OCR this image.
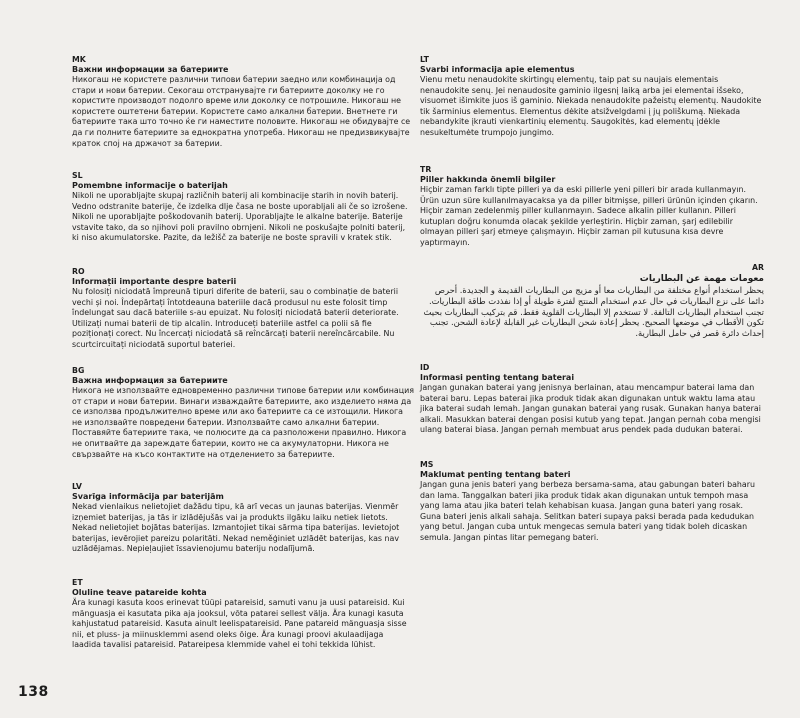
MK
Важни информации за батериите

Никогаш не користете различни типови батерии заедно или комбинација од стари и нови батерии. Секогаш отстранувајте ги батериите доколку не го користите производот подолго време или доколку се потрошиле. Никогаш не користете оштетени батерии. Користете само алкални батерии. Внетнете ги батериите така што точно ќе ги наместите половите. Никогаш не обидувајте се да ги полните батериите за еднократна употреба. Никогаш не предизвикувајте краток спој на држачот за батерии.

SL
Pomembne informacije o baterijah

Nikoli ne uporabljajte skupaj različnih baterij ali kombinacije starih in novih baterij. Vedno odstranite baterije, če izdelka dlje časa ne boste uporabljali ali če so izrošene. Nikoli ne uporabljajte poškodovanih baterij. Uporabljajte le alkalne baterije. Baterije vstavite tako, da so njihovi poli pravilno obrnjeni. Nikoli ne poskušajte polniti baterij, ki niso akumulatorske. Pazite, da ležišč za baterije ne boste spravili v kratek stik.

RO
Informații importante despre baterii

Nu folosiți niciodată împreună tipuri diferite de baterii, sau o combinație de baterii vechi și noi. Îndepărtați întotdeauna bateriile dacă produsul nu este folosit timp îndelungat sau dacă bateriile s-au epuizat. Nu folosiți niciodată baterii deteriorate. Utilizați numai baterii de tip alcalin. Introduceți bateriile astfel ca polii să fie poziționați corect. Nu încercați niciodată să reîncărcați baterii nereîncărcabile. Nu scurtcircuitați niciodată suportul bateriei.

BG
Важна информация за батериите

Никога не използвайте едновременно различни типове батерии или комбинация от стари и нови батерии. Винаги изваждайте батериите, ако изделието няма да се използва продължително време или ако батериите са се изтощили. Никога не използвайте повредени батерии. Използвайте само алкални батерии. Поставяйте батериите така, че полюсите да са разположени правилно. Никога не опитвайте да зареждате батерии, които не са акумулаторни. Никога не свързвайте на късо контактите на отделението за батериите.

LV
Svarīga informācija par baterijām

Nekad vienlaikus nelietojiet dažādu tipu, kā arī vecas un jaunas baterijas. Vienmēr izņemiet baterijas, ja tās ir izlādējušās vai ja produkts ilgāku laiku netiek lietots. Nekad nelietojiet bojātas baterijas. Izmantojiet tikai sārma tipa baterijas. Ievietojot baterijas, ievērojiet pareizu polaritāti. Nekad neměģiniet uzlādēt baterijas, kas nav uzlādējamas. Nepieļaujiet īssavienojumu bateriju nodalījumā.

ET
Oluline teave patareide kohta

Ära kunagi kasuta koos erinevat tüüpi patareisid, samuti vanu ja uusi patareisid. Kui mänguasja ei kasutata pika aja jooksul, võta patarei sellest välja. Ära kunagi kasuta kahjustatud patareisid. Kasuta ainult leelispatareisid. Pane patareid mänguasja sisse nii, et pluss- ja miinusklemmi asend oleks õige. Ära kunagi proovi akulaadijaga laadida tavalisi patareisid. Patareipesa klemmide vahel ei tohi tekkida lühist.

LT
Svarbi informacija apie elementus

Vienu metu nenaudokite skirtingų elementų, taip pat su naujais elementais nenaudokite senų. Jei nenaudosite gaminio ilgesnį laiką arba jei elementai išseko, visuomet išimkite juos iš gaminio. Niekada nenaudokite pažeistų elementų. Naudokite tik šarminius elementus. Elementus dėkite atsižvelgdami į jų poliškumą. Niekada nebandykite įkrauti vienkartinių elementų. Saugokitės, kad elementų įdėkle nesukeltumėte trumpojo jungimo.

TR
Piller hakkında önemli bilgiler

Hiçbir zaman farklı tipte pilleri ya da eski pillerle yeni pilleri bir arada kullanmayın. Ürün uzun süre kullanılmayacaksa ya da piller bitmişse, pilleri ürünün içinden çıkarın. Hiçbir zaman zedelenmiş piller kullanmayın. Sadece alkalin piller kullanın. Pilleri kutupları doğru konumda olacak şekilde yerleştirin. Hiçbir zaman, şarj edilebilir olmayan pilleri şarj etmeye çalışmayın. Hiçbir zaman pil kutusuna kısa devre yaptırmayın.

AR
معومات مهمة عن البطاريات

يحظر استخدام أنواع مختلفة من البطاريات معا أو مزيج من البطاريات القديمة و الجديدة. أحرص دائما على نزع البطاريات في حال عدم استخدام المنتج لفترة طويلة أو إذا نفذدت طاقة البطاريات. تجنب استخدام البطاريات التالفة. لا تستخدم إلا البطاريات القلوية فقط. قم بتركيب البطاريات بحيث تكون الأقطاب في موضعها الصحيح. يحظر إعادة شحن البطاريات غير القابلة لإعادة الشحن. تجنب إحداث دائرة قصر في حامل البطارية.

ID
Informasi penting tentang baterai

Jangan gunakan baterai yang jenisnya berlainan, atau mencampur baterai lama dan baterai baru. Lepas baterai jika produk tidak akan digunakan untuk waktu lama atau jika baterai sudah lemah. Jangan gunakan baterai yang rusak. Gunakan hanya baterai alkali. Masukkan baterai dengan posisi kutub yang tepat. Jangan pernah coba mengisi ulang baterai biasa. Jangan pernah membuat arus pendek pada dudukan baterai.

MS
Maklumat penting tentang bateri

Jangan guna jenis bateri yang berbeza bersama-sama, atau gabungan bateri baharu dan lama. Tanggalkan bateri jika produk tidak akan digunakan untuk tempoh masa yang lama atau jika bateri telah kehabisan kuasa. Jangan guna bateri yang rosak. Guna bateri jenis alkali sahaja. Selitkan bateri supaya paksi berada pada kedudukan yang betul. Jangan cuba untuk mengecas semula bateri yang tidak boleh dicaskan semula. Jangan pintas litar pemegang bateri.

138
